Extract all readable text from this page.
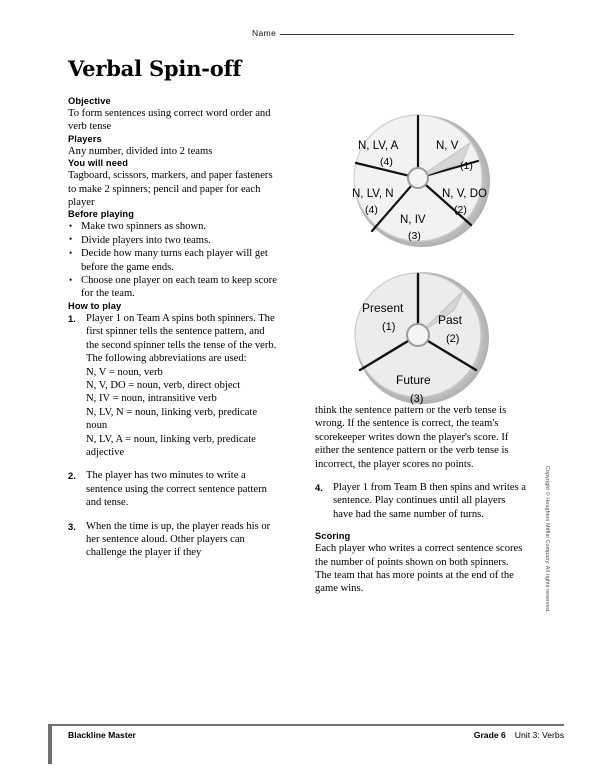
Name
Verbal Spin-off
Objective

To form sentences using correct word order and verb tense

Players

Any number, divided into 2 teams

You will need

Tagboard, scissors, markers, and paper fasteners to make 2 spinners; pencil and paper for each player

Before playing
• Make two spinners as shown.
• Divide players into two teams.
• Decide how many turns each player will get before the game ends.
• Choose one player on each team to keep score for the team.
How to play
1. Player 1 on Team A spins both spinners. The first spinner tells the sentence pattern, and the second spinner tells the tense of the verb. The following abbreviations are used:
N, V = noun, verb
N, V, DO = noun, verb, direct object
N, IV = noun, intransitive verb
N, LV, N = noun, linking verb, predicate noun
N, LV, A = noun, linking verb, predicate adjective
2. The player has two minutes to write a sentence using the correct sentence pattern and tense.
3. When the time is up, the player reads his or her sentence aloud. Other players can challenge the player if they

think the sentence pattern or the verb tense is wrong. If the sentence is correct, the team's scorekeeper writes down the player's score. If either the sentence pattern or the verb tense is incorrect, the player scores no points.

4. Player 1 from Team B then spins and writes a sentence. Play continues until all players have had the same number of turns.
Scoring

Each player who writes a correct sentence scores the number of points shown on both spinners. The team that has more points at the end of the game wins.

N, V
(1)
N, V, DO
(2)
N, IV
(3)
N, LV, N
(4)
N, LV, A
(4)
Present
(1)	Past
(2)
Future
(3)
Copyright © Houghton Mifflin Company. All rights reserved.
Blackline Master	Grade 6 Unit 3: Verbs
